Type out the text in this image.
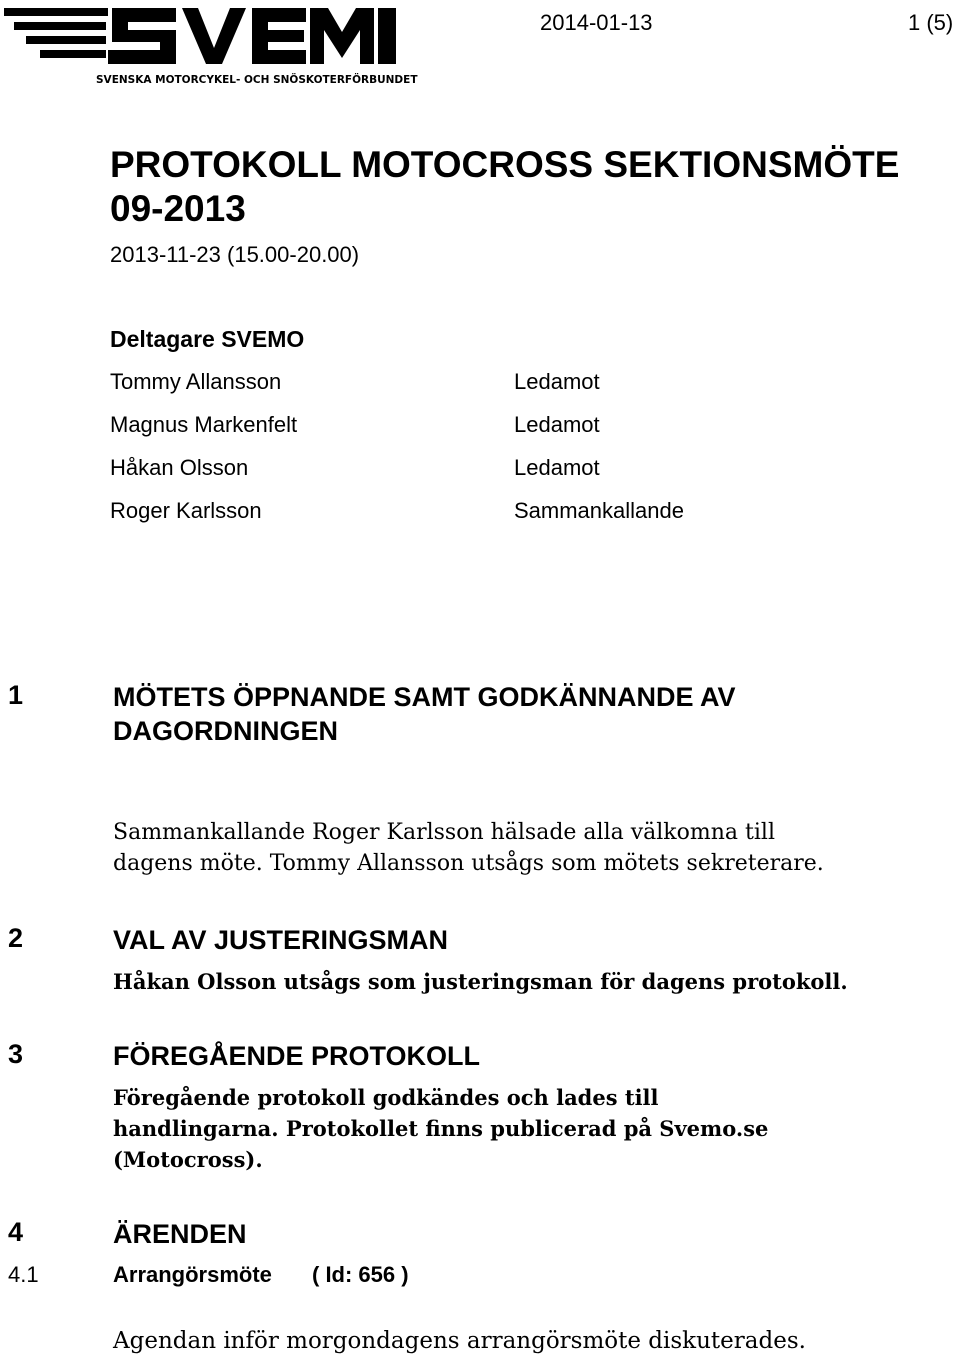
SVENSKA MOTORCYKEL- OCH SNÖSKOTERFÖRBUNDET
2014-01-13	1 (5)
PROTOKOLL MOTOCROSS SEKTIONSMÖTE 09-2013
2013-11-23 (15.00-20.00)
Deltagare SVEMO
Tommy Allansson	Ledamot
Magnus Markenfelt	Ledamot
Håkan Olsson	Ledamot
Roger Karlsson	Sammankallande
1	MÖTETS ÖPPNANDE SAMT GODKÄNNANDE AV
DAGORDNINGEN
Sammankallande Roger Karlsson hälsade alla välkomna till
dagens möte. Tommy Allansson utsågs som mötets sekreterare.
2	VAL AV JUSTERINGSMAN
Håkan Olsson utsågs som justeringsman för dagens protokoll.
3	FÖREGÅENDE PROTOKOLL
Föregående protokoll godkändes och lades till
handlingarna. Protokollet finns publicerad på Svemo.se
(Motocross).
4	ÄRENDEN
4.1	Arrangörsmöte ( Id: 656 )
Agendan inför morgondagens arrangörsmöte diskuterades.
